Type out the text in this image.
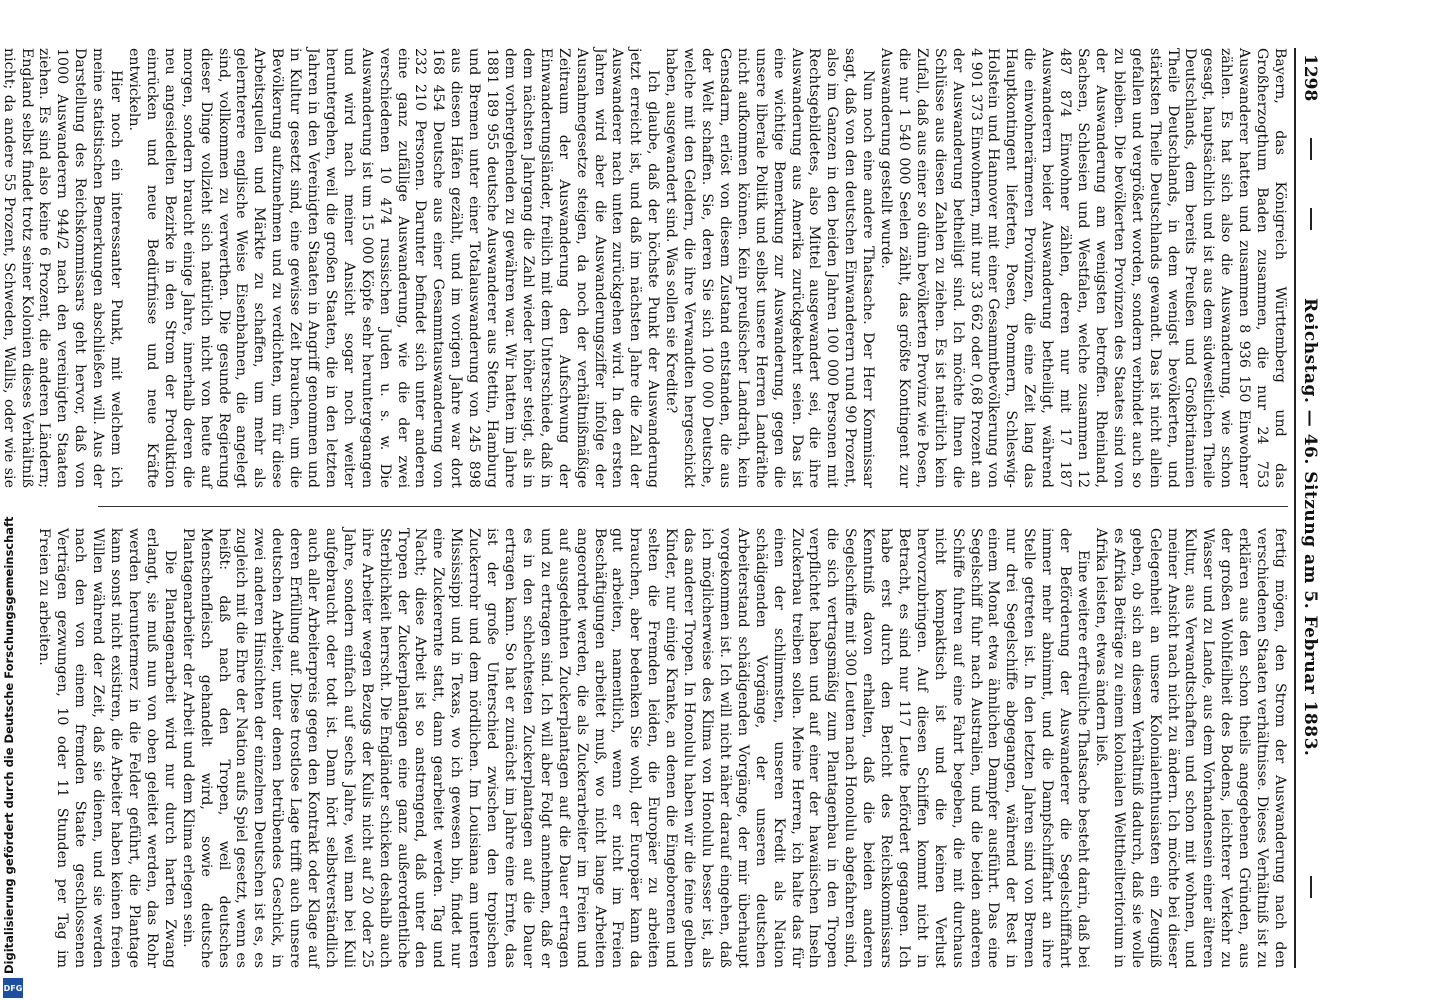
1298
Reichstag. — 46. Sitzung am 5. Februar 1883.

Bayern, das Königreich Württemberg und das Großherzogthum Baden zusammen, die nur 24 753 Auswanderer hatten und zusammen 8 936 150 Einwohner zählen. Es hat sich also die Auswanderung, wie schon gesagt, hauptsächlich und ist aus dem südwestlichen Theile Deutschlands, dem bereits Preußen und Großbritannien Theile Deutschlands, in dem wenigst bevölkerten, und stärksten Theile Deutschlands gewandt. Das ist nicht allein gefallen und vergrößert worden, sondern verbindet auch so zu bleiben. Die bevölkerten Provinzen des Staates sind von der Auswanderung am wenigsten betroffen. Rheinland, Sachsen, Schlesien und Westfalen, welche zusammen 12 487 874 Einwohner zählen, deren nur mit 17 187 Auswanderern beider Auswanderung betheiligt, während die einwohnerärmeren Provinzen, die eine Zeit lang das Hauptkontingent lieferten, Posen, Pommern, Schleswig-Holstein und Hannover mit einer Gesammtbevölkerung von 4 901 373 Einwohnern, mit nur 33 662 oder 0,68 Prozent an der Auswanderung betheiligt sind. Ich möchte Ihnen die Schlüsse aus diesen Zahlen zu ziehen. Es ist natürlich kein Zufall, daß aus einer so dünn bevölkerten Provinz wie Posen, die nur 1 540 000 Seelen zählt, das größte Kontingent zur Auswanderung gestellt wurde.

Nun noch eine andere Thatsache. Der Herr Kommissar sagt, daß von den deutschen Einwanderern rund 90 Prozent, also im Ganzen in den beiden Jahren 100 000 Personen mit Rechtsgebildetes, also Mittel ausgewandert sei, die ihre Auswanderung aus Amerika zurückgekehrt seien. Das ist eine wichtige Bemerkung zur Auswanderung, gegen die unsere liberale Politik und selbst unsere Herren Landräthe nicht aufkommen können. Kein preußischer Landrath, kein Gensdarm, erlöst von diesem Zustand entstanden, die aus der Welt schaffen. Sie, deren Sie sich 100 000 Deutsche, welche mit den Geldern, die ihre Verwandten hergeschickt haben, ausgewandert sind. Was sollen sie Kredite?

Ich glaube, daß der höchste Punkt der Auswanderung jetzt erreicht ist, und daß im nächsten Jahre die Zahl der Auswanderer nach unten zurückgehen wird. In den ersten Jahren wird aber die Auswanderungsziffer infolge der Ausnahmegesetze steigen, da noch der verhältnißmäßige Zeitraum der Auswanderung den Aufschwung der Einwanderungsländer, freilich mit dem Unterschiede, daß in dem nächsten Jahrgang die Zahl wieder höher steigt, als in dem vorhergehenden zu gewähren war. Wir hatten im Jahre 1881 189 955 deutsche Auswanderer aus Stettin, Hamburg und Bremen unter einer Totalauswanderung von 245 898 aus diesen Häfen gezählt, und im vorigen Jahre war dort 168 454 Deutsche aus einer Gesammtauswanderung von 232 210 Personen. Darunter befindet sich unter anderen eine ganz zufällige Auswanderung, wie die der zwei verschiedenen 10 474 russischen Juden u. s. w. Die Auswanderung ist um 15 000 Köpfe sehr heruntergegangen und wird nach meiner Ansicht sogar noch weiter heruntergehen, weil die großen Staaten, die in den letzten Jahren in den Vereinigten Staaten in Angriff genommen und in Kultur gesetzt sind, eine gewisse Zeit brauchen, um die Bevölkerung aufzunehmen und zu verdichten, um für diese Arbeitsquellen und Märkte zu schaffen, um mehr als gelernterere englische Weise Eisenbahnen, die angelegt sind, vollkommen zu verwerthen. Die gesunde Regierung dieser Dinge vollzieht sich natürlich nicht von heute auf morgen, sondern braucht einige Jahre, innerhalb deren die neu angesiedelten Bezirke in den Strom der Produktion einrücken und neue Bedürfnisse und neue Kräfte entwickeln.

Hier noch ein interessanter Punkt, mit welchem ich meine statistischen Bemerkungen abschließen will. Aus der Darstellung des Reichskommissars geht hervor, daß von 1000 Auswanderern 944/2 nach den vereinigten Staaten ziehen. Es sind also keine 6 Prozent, die anderen Ländern; England selbst findet trotz seiner Kolonien dieses Verhältniß nicht; da andere 55 Prozent, Schweden, Wallis, oder wie sie

fertig mögen, den Strom der Auswanderung nach den verschiedenen Staaten verhältnisse. Dieses Verhältniß ist zu erklären aus den schon theils angegebenen Gründen, aus der großen Wohlfeilheit des Bodens, leichterer Verkehr zu Wasser und zu Lande, aus dem Vorhandensein einer älteren Kultur, aus Verwandtschaften und schon mit wohnen, und meiner Ansicht nach nicht zu ändern. Ich möchte bei dieser Gelegenheit an unsere Kolonialenthusiasten ein Zeugniß geben, ob sich an diesem Verhältniß dadurch, daß sie wolle es Afrika Beiträge zu einem kolonialen Welttheilteritorium in Afrika leisten, etwas ändern ließ.

Eine weitere erfreuliche Thatsache besteht darin, daß bei der Beförderung der Auswanderer die Segelschifffahrt immer mehr abnimmt, und die Dampfschifffahrt an ihre Stelle getreten ist. In den letzten Jahren sind von Bremen nur drei Segelschiffe abgegangen, während der Rest in einem Monat etwa ähnlichen Dampfer ausführt. Das eine Segelschiff fuhr nach Australien, und die beiden anderen Schiffe fuhren auf eine Fahrt begeben, die mit durchaus nicht kompaktisch ist und die keinen Verlust hervorzubringen. Auf diesen Schiffen kommt nicht in Betracht, es sind nur 117 Leute befördert gegangen. Ich habe erst durch den Bericht des Reichskommissars Kenntniß davon erhalten, daß die beiden anderen Segelschiffe mit 300 Leuten nach Honolulu abgefahren sind, die sich vertragsmäßig zum Plantagenbau in den Tropen verpflichtet haben und auf einer der hawaiischen Inseln Zuckerbau treiben sollen. Meine Herren, ich halte das für einen der schlimmsten, unseren Kredit als Nation schädigenden Vorgänge, der unseren deutschen Arbeiterstand schädigenden Vorgänge, der mir überhaupt vorgekommen ist. Ich will nicht näher darauf eingehen, daß ich möglicherweise des Klima von Honolulu besser ist, als das anderer Tropen. In Honolulu haben wir die feine gelben Kinder, nur einige Kranke, an denen die Eingeborenen und selten die Fremden leiden, die Europäer zu arbeiten brauchen, aber bedenken Sie wohl, der Europäer kann da gut arbeiten, namentlich, wenn er nicht im Freien Beschäftigungen arbeitet muß, wo nicht lange Arbeiten angeordnet werden, die als Zuckerarbeiter im Freien und auf ausgedehnten Zuckerplantagen auf die Dauer ertragen und zu ertragen sind. Ich will aber Folgt annehmen, daß er es in den schlechtesten Zuckerplantagen auf die Dauer ertragen kann. So hat er zunächst im Jahre eine Ernte, das ist der große Unterschied zwischen den tropischen Zuckerrohr und dem nördlichen. Im Louisiana am unteren Mississippi und in Texas, wo ich gewesen bin, findet nur eine Zuckerernte statt, dann gearbeitet werden. Tag und Nacht; diese Arbeit ist so anstrengend, daß unter den Tropen der Zuckerplantagen eine ganz außerordentliche Sterblichkeit herrscht. Die Engländer schicken deshalb auch ihre Arbeiter wegen Bezugs der Kulis nicht auf 20 oder 25 Jahre, sondern einfach auf sechs Jahre, weil man bei Kuli aufgebraucht oder todt ist. Dann hört selbstverständlich auch aller Arbeiterpreis gegen den Kontrakt oder Klage auf deren Erfüllung auf. Diese trostlose Lage trifft auch unsere deutschen Arbeiter, unter denen betrübendes Geschick, in zwei anderen Hinsichten der einzelnen Deutschen ist es, es zugleich mit die Ehre der Nation aufs Spiel gesetzt, wenn es heißt: daß nach den Tropen, weil deutsches Menschenfleisch gehandelt wird, sowie deutsche Plantagenarbeiter der Arbeit und dem Klima erlegen sein.

Die Plantagenarbeit wird nur durch harten Zwang erlangt, sie muß nun von oben geleitet werden, das Rohr werden heruntermerz in die Felder geführt, die Plantage kann sonst nicht existiren, die Arbeiter haben keinen freien Willen während der Zeit, daß sie dienen, und sie werden nach den von einem fremden Staate geschlossenen Verträgen gezwungen, 10 oder 11 Stunden per Tag im Freien zu arbeiten.

Digitalisierung gefördert durch die Deutsche Forschungsgemeinschaft
DFG
